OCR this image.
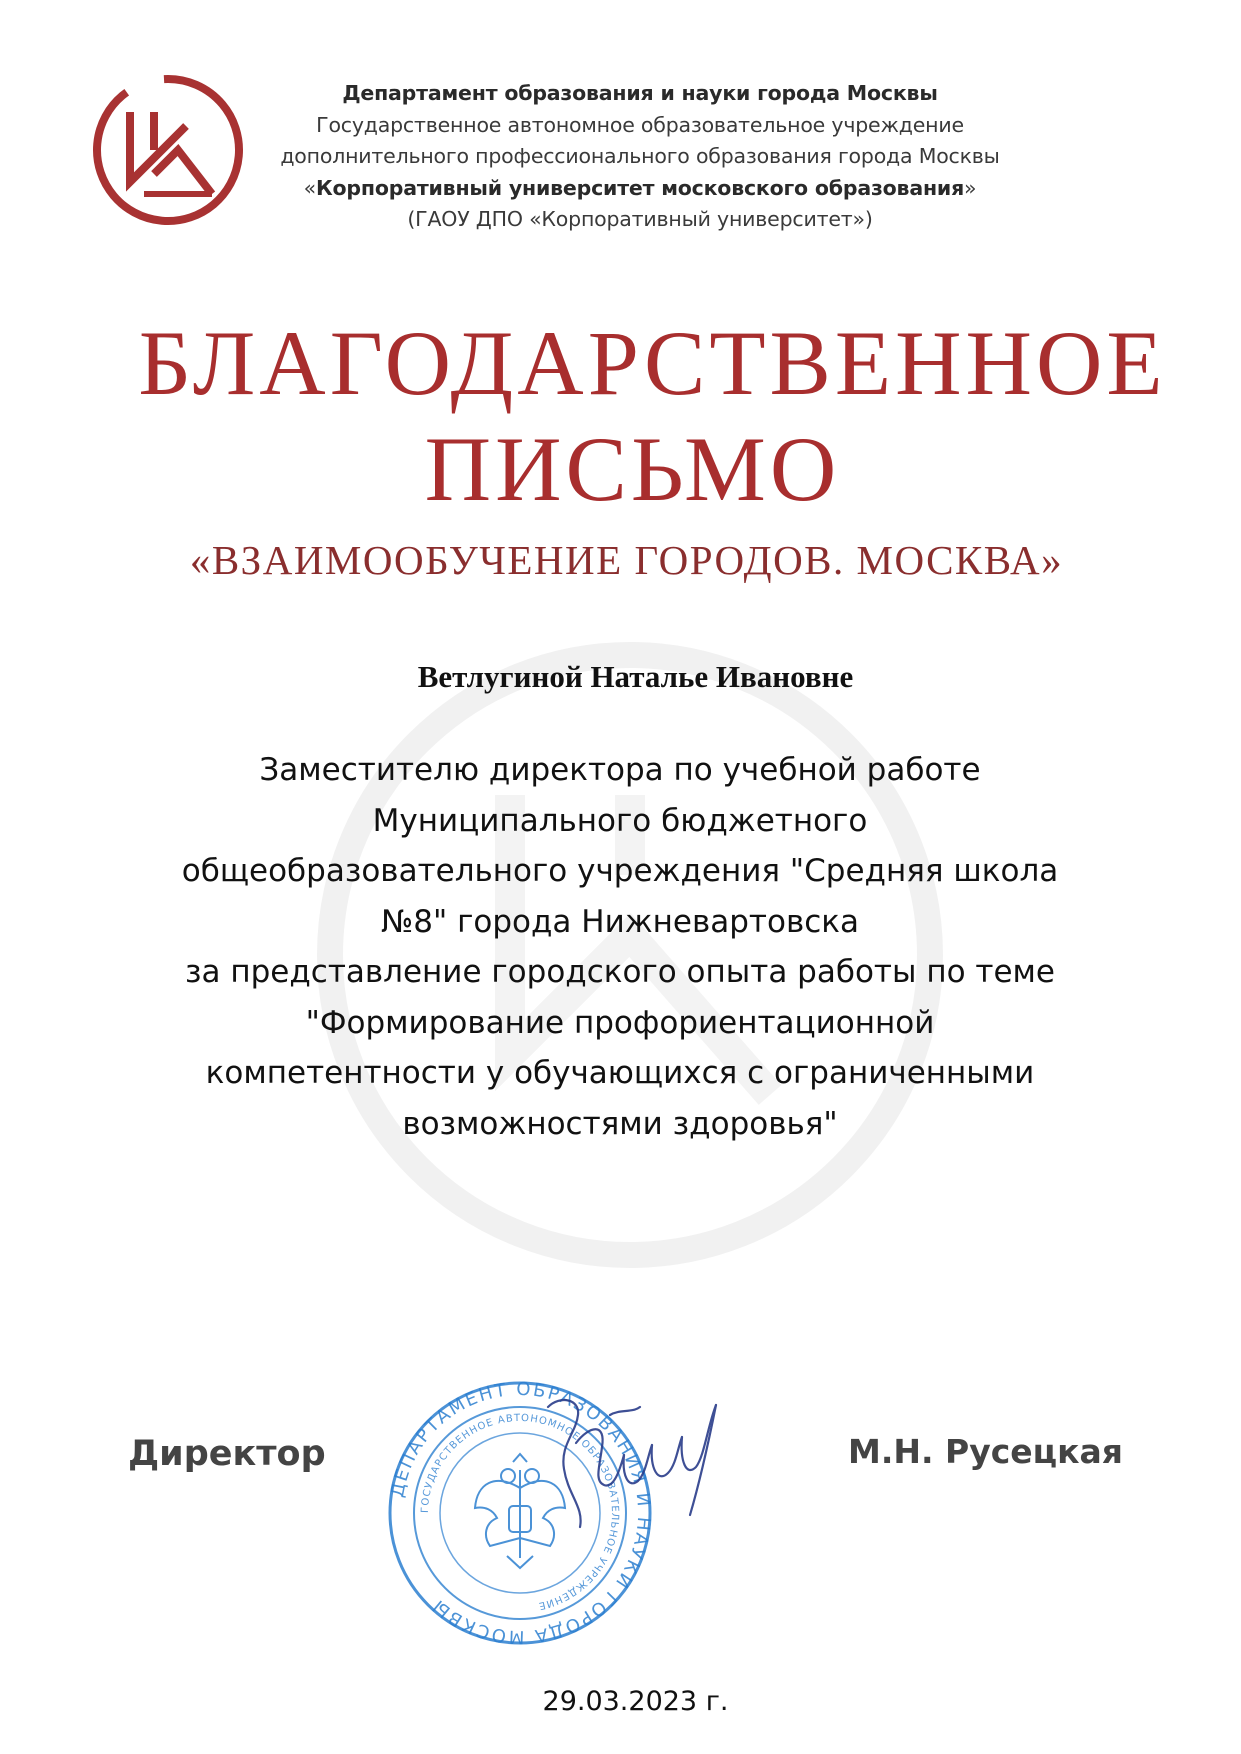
Департамент образования и науки города Москвы
Государственное автономное образовательное учреждение
дополнительного профессионального образования города Москвы
«Корпоративный университет московского образования»
(ГАОУ ДПО «Корпоративный университет»)
БЛАГОДАРСТВЕННОЕ
ПИСЬМО
«ВЗАИМООБУЧЕНИЕ ГОРОДОВ. МОСКВА»
Ветлугиной Наталье Ивановне
Заместителю директора по учебной работе
Муниципального бюджетного
общеобразовательного учреждения "Средняя школа
№8" города Нижневартовска
за представление городского опыта работы по теме
"Формирование профориентационной
компетентности у обучающихся с ограниченными
возможностями здоровья"
Директор
ДЕПАРТАМЕНТ ОБРАЗОВАНИЯ И НАУКИ ГОРОДА МОСКВЫ
ГОСУДАРСТВЕННОЕ АВТОНОМНОЕ ОБРАЗОВАТЕЛЬНОЕ УЧРЕЖДЕНИЕ
М.Н. Русецкая
29.03.2023 г.
